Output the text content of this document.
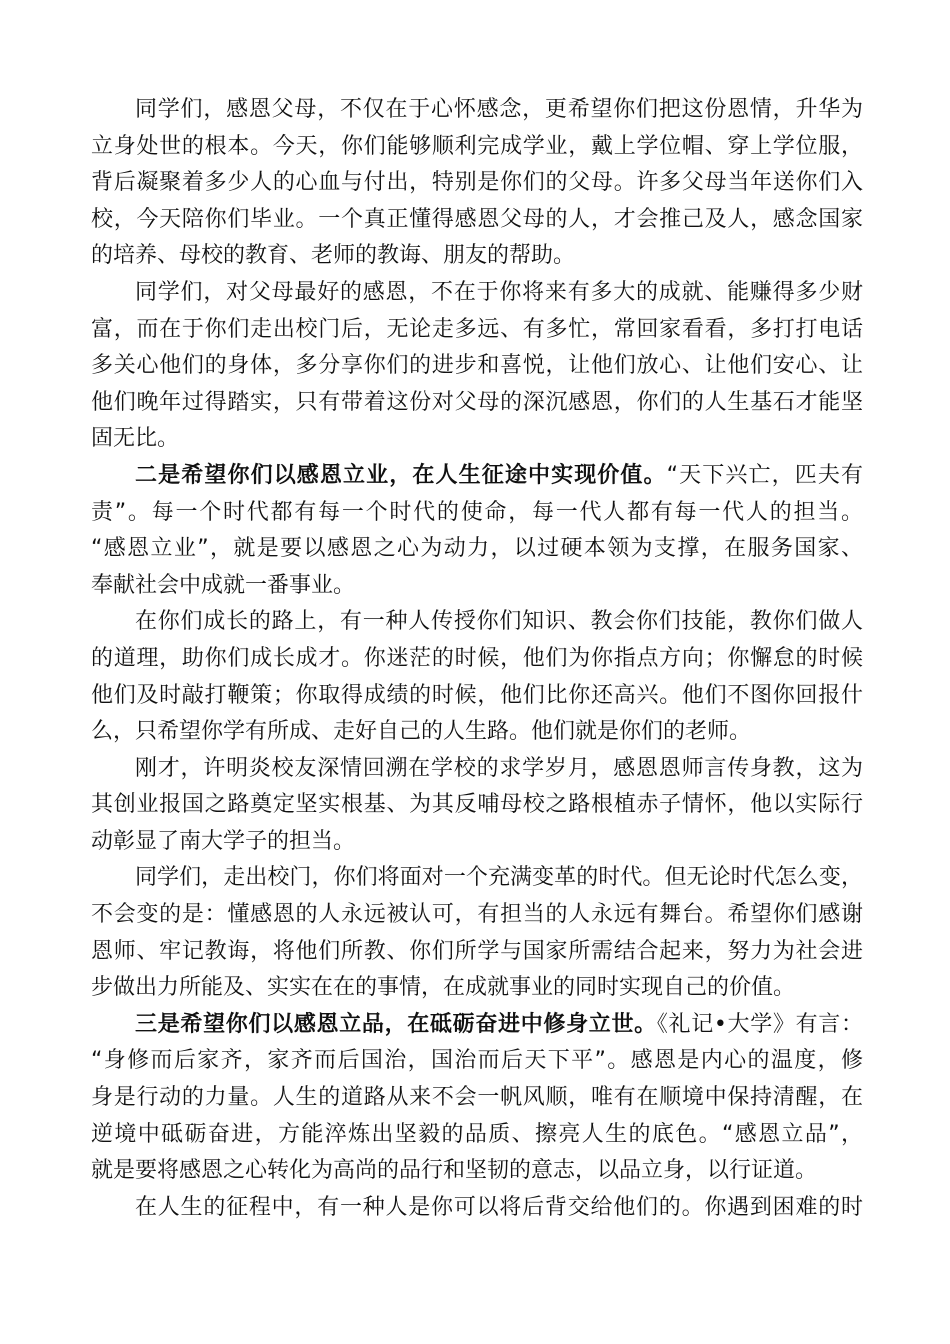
同学们，感恩父母，不仅在于心怀感念，更希望你们把这份恩情，升华为
立身处世的根本。今天，你们能够顺利完成学业，戴上学位帽、穿上学位服，
背后凝聚着多少人的心血与付出，特别是你们的父母。许多父母当年送你们入
校，今天陪你们毕业。一个真正懂得感恩父母的人，才会推己及人，感念国家
的培养、母校的教育、老师的教诲、朋友的帮助。
同学们，对父母最好的感恩，不在于你将来有多大的成就、能赚得多少财
富，而在于你们走出校门后，无论走多远、有多忙，常回家看看，多打打电话
多关心他们的身体，多分享你们的进步和喜悦，让他们放心、让他们安心、让
他们晚年过得踏实，只有带着这份对父母的深沉感恩，你们的人生基石才能坚
固无比。
二是希望你们以感恩立业，在人生征途中实现价值。“天下兴亡，匹夫有
责”。每一个时代都有每一个时代的使命，每一代人都有每一代人的担当。
“感恩立业”，就是要以感恩之心为动力，以过硬本领为支撑，在服务国家、
奉献社会中成就一番事业。
在你们成长的路上，有一种人传授你们知识、教会你们技能，教你们做人
的道理，助你们成长成才。你迷茫的时候，他们为你指点方向；你懈怠的时候
他们及时敲打鞭策；你取得成绩的时候，他们比你还高兴。他们不图你回报什
么，只希望你学有所成、走好自己的人生路。他们就是你们的老师。
刚才，许明炎校友深情回溯在学校的求学岁月，感恩恩师言传身教，这为
其创业报国之路奠定坚实根基、为其反哺母校之路根植赤子情怀，他以实际行
动彰显了南大学子的担当。
同学们，走出校门，你们将面对一个充满变革的时代。但无论时代怎么变，
不会变的是：懂感恩的人永远被认可，有担当的人永远有舞台。希望你们感谢
恩师、牢记教诲，将他们所教、你们所学与国家所需结合起来，努力为社会进
步做出力所能及、实实在在的事情，在成就事业的同时实现自己的价值。
三是希望你们以感恩立品，在砥砺奋进中修身立世。《礼记•大学》有言：
“身修而后家齐，家齐而后国治，国治而后天下平”。感恩是内心的温度，修
身是行动的力量。人生的道路从来不会一帆风顺，唯有在顺境中保持清醒，在
逆境中砥砺奋进，方能淬炼出坚毅的品质、擦亮人生的底色。“感恩立品”，
就是要将感恩之心转化为高尚的品行和坚韧的意志，以品立身，以行证道。
在人生的征程中，有一种人是你可以将后背交给他们的。你遇到困难的时
